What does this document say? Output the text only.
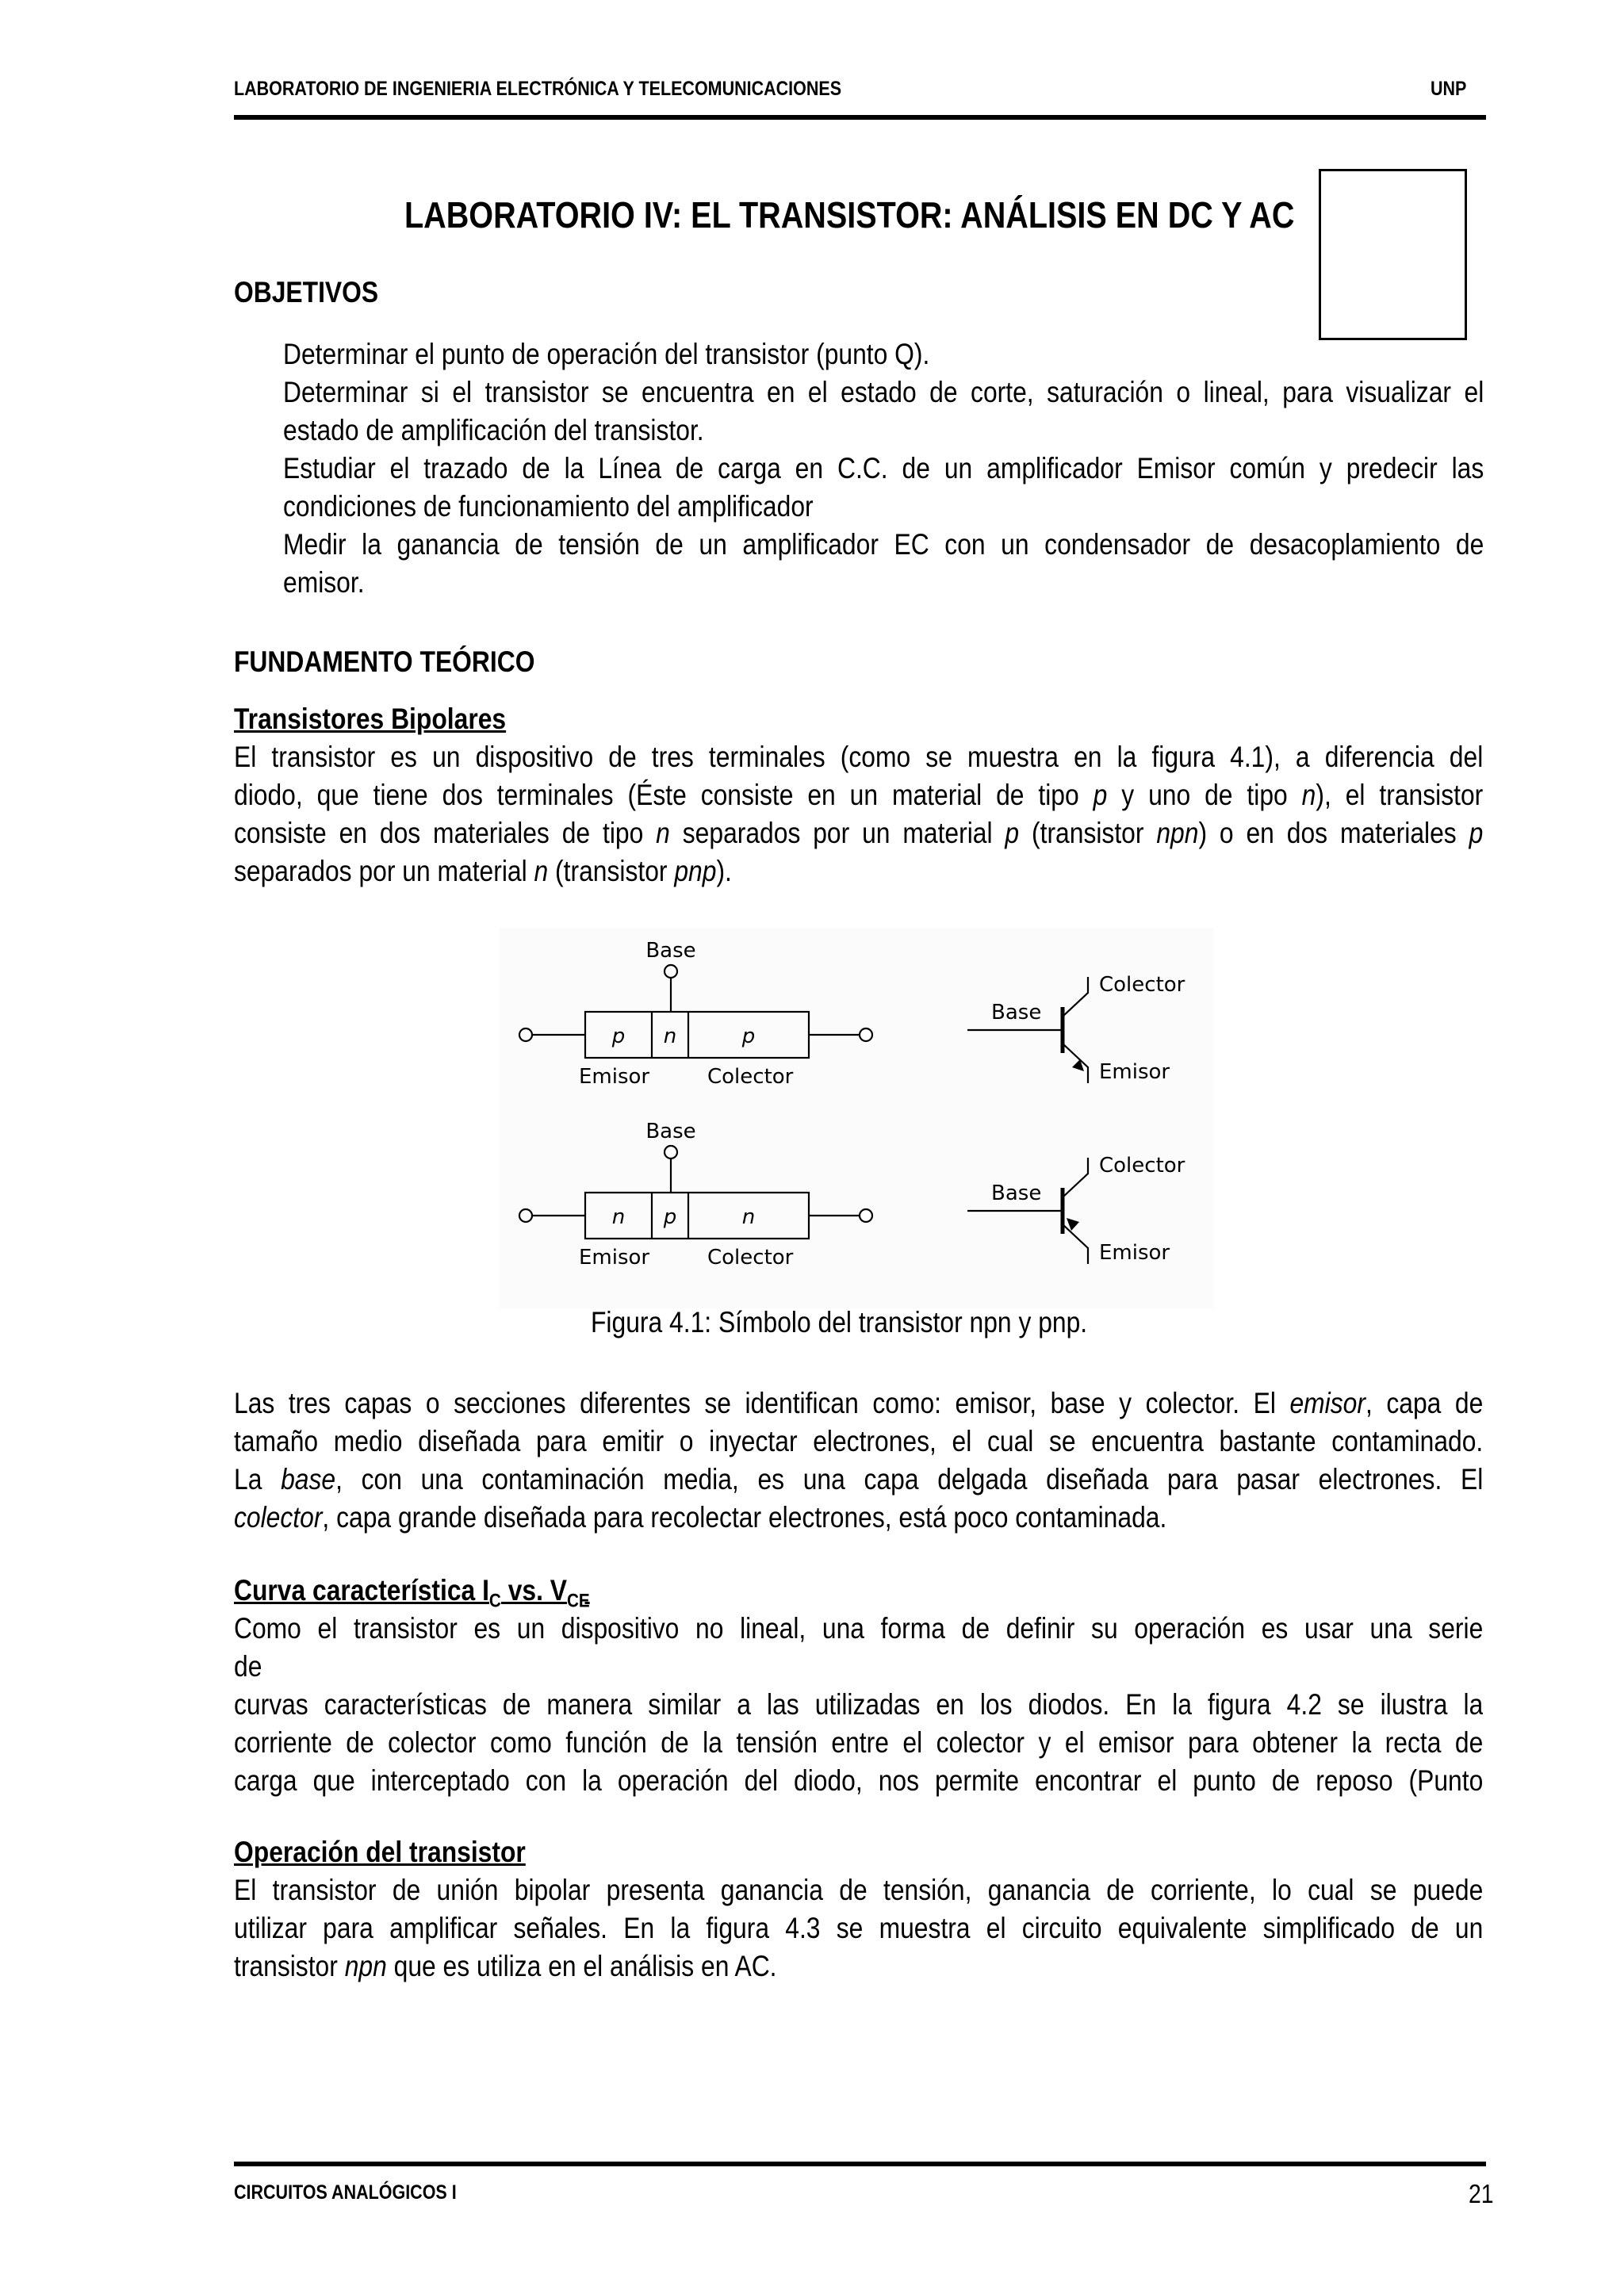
LABORATORIO DE INGENIERIA ELECTRÓNICA Y TELECOMUNICACIONES	UNP
LABORATORIO IV: EL TRANSISTOR: ANÁLISIS EN DC Y AC
OBJETIVOS
Determinar el punto de operación del transistor (punto Q).
Determinar si el transistor se encuentra en el estado de corte, saturación o lineal, para visualizar el
estado de amplificación del transistor.
Estudiar el trazado de la Línea de carga en C.C. de un amplificador Emisor común y predecir las
condiciones de funcionamiento del amplificador
Medir la ganancia de tensión de un amplificador EC con un condensador de desacoplamiento de
emisor.
FUNDAMENTO TEÓRICO
Transistores Bipolares
El transistor es un dispositivo de tres terminales (como se muestra en la figura 4.1), a diferencia del
diodo, que tiene dos terminales (Éste consiste en un material de tipo p y uno de tipo n), el transistor
consiste en dos materiales de tipo n separados por un material p (transistor npn) o en dos materiales p
separados por un material n (transistor pnp).
Base
Emisor	Colector
Base
Emisor	Colector
Base
Colector
Emisor
Base
Colector
Emisor
p n	p
n p	n
Figura 4.1: Símbolo del transistor npn y pnp.
Las tres capas o secciones diferentes se identifican como: emisor, base y colector. El emisor, capa de
tamaño medio diseñada para emitir o inyectar electrones, el cual se encuentra bastante contaminado.
La base, con una contaminación media, es una capa delgada diseñada para pasar electrones. El
colector, capa grande diseñada para recolectar electrones, está poco contaminada.
Curva característica $I_C$ vs. $V_{CE}$
Como el transistor es un dispositivo no lineal, una forma de definir su operación es usar una serie
de
curvas características de manera similar a las utilizadas en los diodos. En la figura 4.2 se ilustra la
corriente de colector como función de la tensión entre el colector y el emisor para obtener la recta de
carga que interceptado con la operación del diodo, nos permite encontrar el punto de reposo (Punto
Operación del transistor
El transistor de unión bipolar presenta ganancia de tensión, ganancia de corriente, lo cual se puede
utilizar para amplificar señales. En la figura 4.3 se muestra el circuito equivalente simplificado de un
transistor npn que es utiliza en el análisis en AC.
CIRCUITOS ANALÓGICOS I	21
